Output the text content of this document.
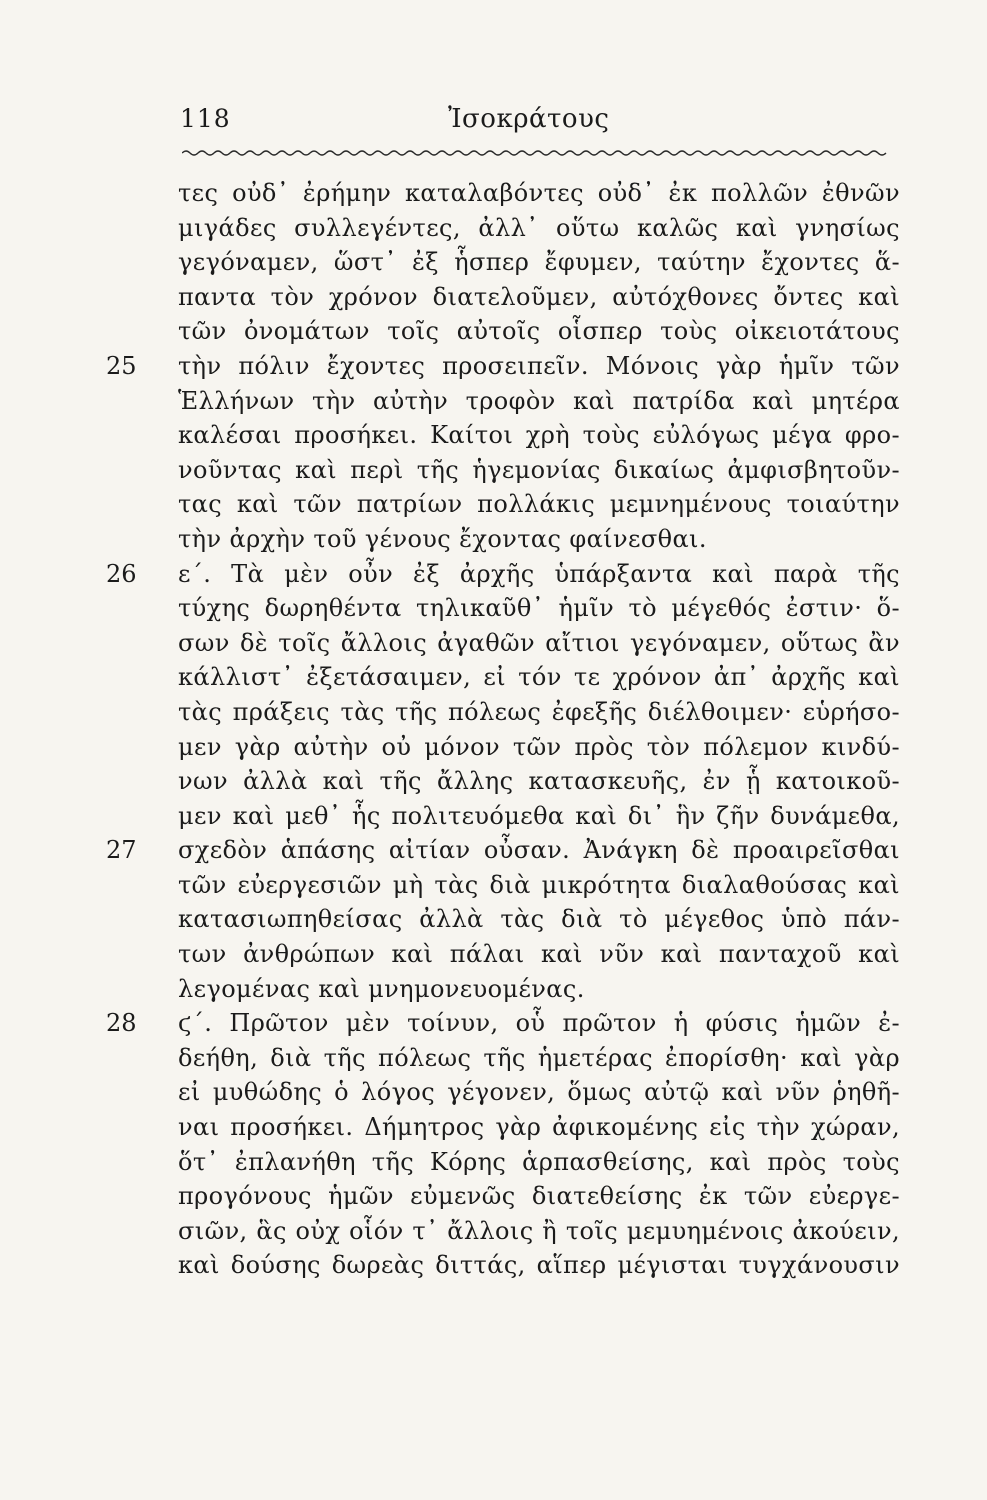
118	Ἰσοκράτους
τες οὐδ᾽ ἐρήμην καταλαβόντες οὐδ᾽ ἐκ πολλῶν ἐθνῶν
μιγάδες συλλεγέντες, ἀλλ᾽ οὕτω καλῶς καὶ γνησίως
γεγόναμεν, ὥστ᾽ ἐξ ἧσπερ ἔφυμεν, ταύτην ἔχοντες ἅ-
παντα τὸν χρόνον διατελοῦμεν, αὐτόχθονες ὄντες καὶ
τῶν ὀνομάτων τοῖς αὐτοῖς οἷσπερ τοὺς οἰκειοτάτους
25 τὴν πόλιν ἔχοντες προσειπεῖν. Μόνοις γὰρ ἡμῖν τῶν
Ἑλλήνων τὴν αὐτὴν τροφὸν καὶ πατρίδα καὶ μητέρα
καλέσαι προσήκει. Καίτοι χρὴ τοὺς εὐλόγως μέγα φρο-
νοῦντας καὶ περὶ τῆς ἡγεμονίας δικαίως ἀμφισβητοῦν-
τας καὶ τῶν πατρίων πολλάκις μεμνημένους τοιαύτην
τὴν ἀρχὴν τοῦ γένους ἔχοντας φαίνεσθαι.
26 ε΄. Τὰ μὲν οὖν ἐξ ἀρχῆς ὑπάρξαντα καὶ παρὰ τῆς
τύχης δωρηθέντα τηλικαῦθ᾽ ἡμῖν τὸ μέγεθός ἐστιν· ὅ-
σων δὲ τοῖς ἄλλοις ἀγαθῶν αἴτιοι γεγόναμεν, οὕτως ἂν
κάλλιστ᾽ ἐξετάσαιμεν, εἰ τόν τε χρόνον ἀπ᾽ ἀρχῆς καὶ
τὰς πράξεις τὰς τῆς πόλεως ἐφεξῆς διέλθοιμεν· εὑρήσο-
μεν γὰρ αὐτὴν οὐ μόνον τῶν πρὸς τὸν πόλεμον κινδύ-
νων ἀλλὰ καὶ τῆς ἄλλης κατασκευῆς, ἐν ᾗ κατοικοῦ-
μεν καὶ μεθ᾽ ἧς πολιτευόμεθα καὶ δι᾽ ἣν ζῆν δυνάμεθα,
27 σχεδὸν ἁπάσης αἰτίαν οὖσαν. Ἀνάγκη δὲ προαιρεῖσθαι
τῶν εὐεργεσιῶν μὴ τὰς διὰ μικρότητα διαλαθούσας καὶ
κατασιωπηθείσας ἀλλὰ τὰς διὰ τὸ μέγεθος ὑπὸ πάν-
των ἀνθρώπων καὶ πάλαι καὶ νῦν καὶ πανταχοῦ καὶ
λεγομένας καὶ μνημονευομένας.
28 ϛ΄. Πρῶτον μὲν τοίνυν, οὗ πρῶτον ἡ φύσις ἡμῶν ἐ-
δεήθη, διὰ τῆς πόλεως τῆς ἡμετέρας ἐπορίσθη· καὶ γὰρ
εἰ μυθώδης ὁ λόγος γέγονεν, ὅμως αὐτῷ καὶ νῦν ῥηθῆ-
ναι προσήκει. Δήμητρος γὰρ ἀφικομένης εἰς τὴν χώραν,
ὅτ᾽ ἐπλανήθη τῆς Κόρης ἁρπασθείσης, καὶ πρὸς τοὺς
προγόνους ἡμῶν εὐμενῶς διατεθείσης ἐκ τῶν εὐεργε-
σιῶν, ἃς οὐχ οἷόν τ᾽ ἄλλοις ἢ τοῖς μεμυημένοις ἀκούειν,
καὶ δούσης δωρεὰς διττάς, αἵπερ μέγισται τυγχάνουσιν
